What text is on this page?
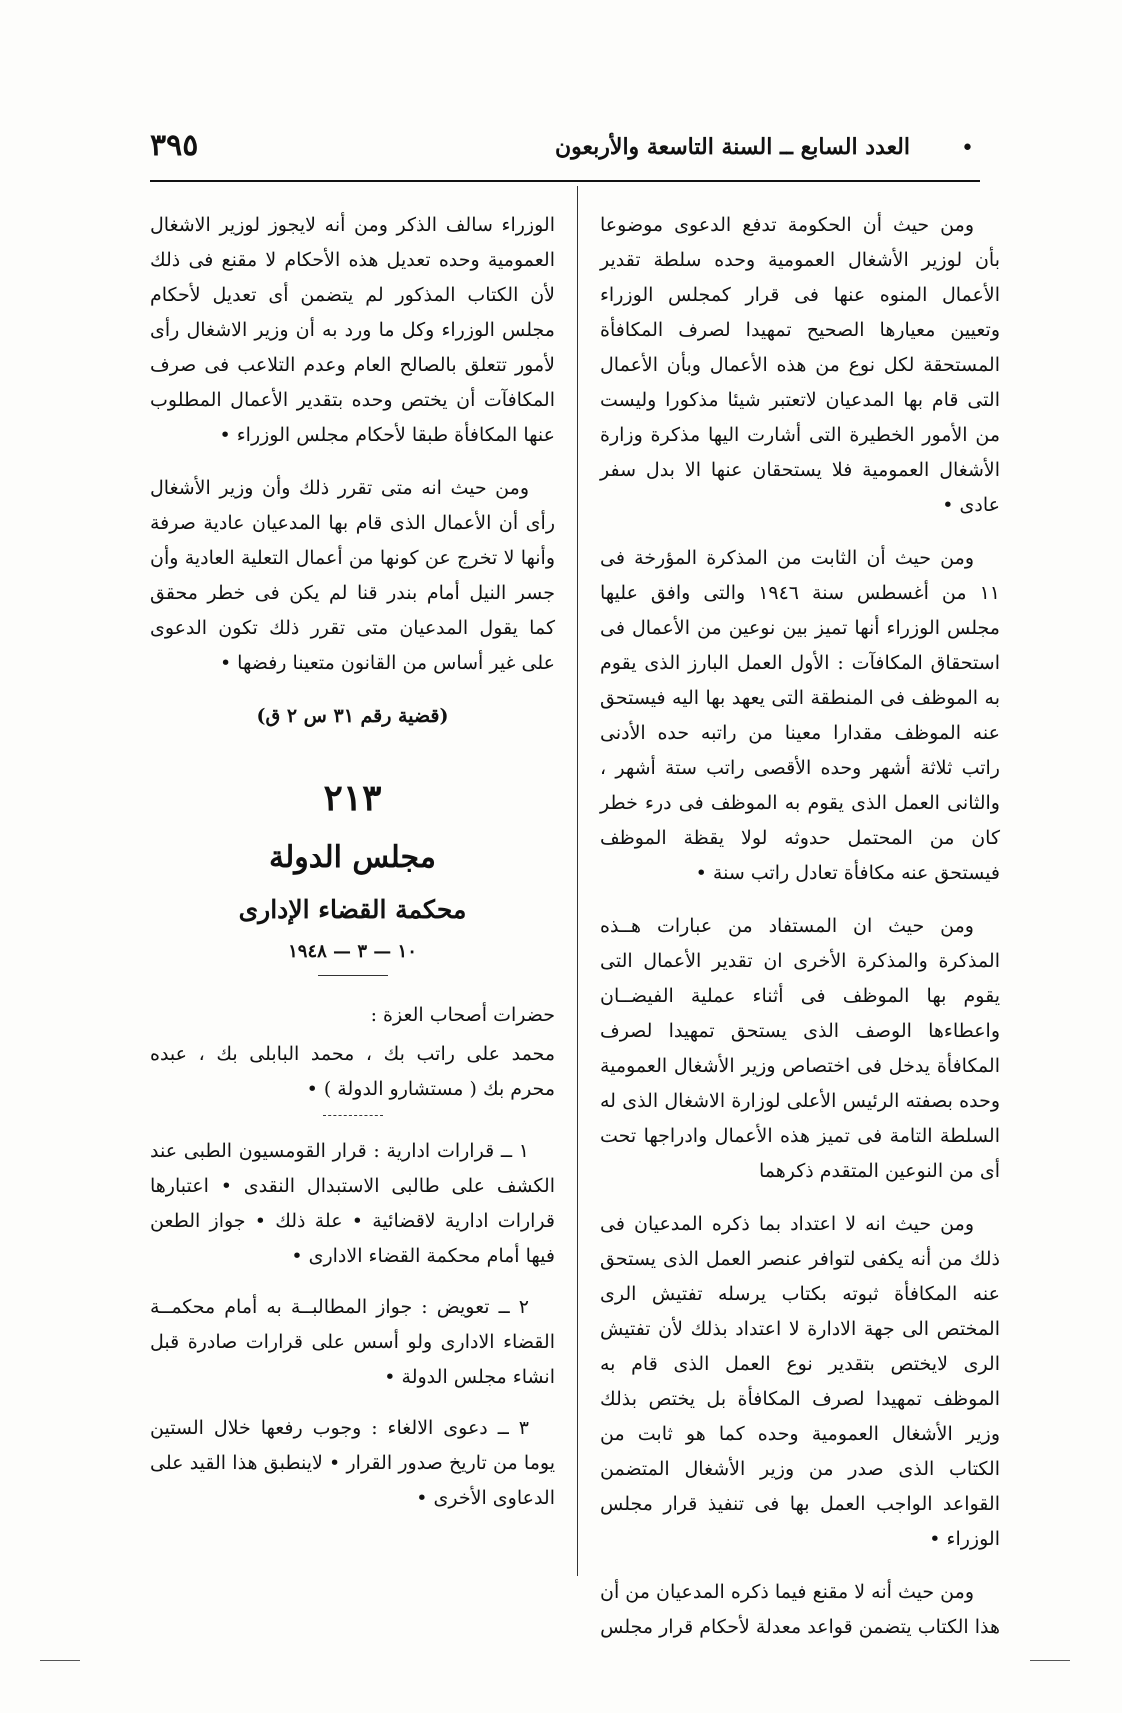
•
العدد السابع ــ السنة التاسعة والأربعون
٣٩٥

ومن حيث أن الحكومة تدفع الدعوى موضوعا بأن لوزير الأشغال العمومية وحده سلطة تقدير الأعمال المنوه عنها فى قرار كمجلس الوزراء وتعيين معيارها الصحيح تمهيدا لصرف المكافأة المستحقة لكل نوع من هذه الأعمال وبأن الأعمال التى قام بها المدعيان لاتعتبر شيئا مذكورا وليست من الأمور الخطيرة التى أشارت اليها مذكرة وزارة الأشغال العمومية فلا يستحقان عنها الا بدل سفر عادى •

ومن حيث أن الثابت من المذكرة المؤرخة فى ١١ من أغسطس سنة ١٩٤٦ والتى وافق عليها مجلس الوزراء أنها تميز بين نوعين من الأعمال فى استحقاق المكافآت : الأول العمل البارز الذى يقوم به الموظف فى المنطقة التى يعهد بها اليه فيستحق عنه الموظف مقدارا معينا من راتبه حده الأدنى راتب ثلاثة أشهر وحده الأقصى راتب ستة أشهر ، والثانى العمل الذى يقوم به الموظف فى درء خطر كان من المحتمل حدوثه لولا يقظة الموظف فيستحق عنه مكافأة تعادل راتب سنة •

ومن حيث ان المستفاد من عبارات هــذه المذكرة والمذكرة الأخرى ان تقدير الأعمال التى يقوم بها الموظف فى أثناء عملية الفيضــان واعطاءها الوصف الذى يستحق تمهيدا لصرف المكافأة يدخل فى اختصاص وزير الأشغال العمومية وحده بصفته الرئيس الأعلى لوزارة الاشغال الذى له السلطة التامة فى تميز هذه الأعمال وادراجها تحت أى من النوعين المتقدم ذكرهما

ومن حيث انه لا اعتداد بما ذكره المدعيان فى ذلك من أنه يكفى لتوافر عنصر العمل الذى يستحق عنه المكافأة ثبوته بكتاب يرسله تفتيش الرى المختص الى جهة الادارة لا اعتداد بذلك لأن تفتيش الرى لايختص بتقدير نوع العمل الذى قام به الموظف تمهيدا لصرف المكافأة بل يختص بذلك وزير الأشغال العمومية وحده كما هو ثابت من الكتاب الذى صدر من وزير الأشغال المتضمن القواعد الواجب العمل بها فى تنفيذ قرار مجلس الوزراء •

ومن حيث أنه لا مقنع فيما ذكره المدعيان من أن هذا الكتاب يتضمن قواعد معدلة لأحكام قرار مجلس

الوزراء سالف الذكر ومن أنه لايجوز لوزير الاشغال العمومية وحده تعديل هذه الأحكام لا مقنع فى ذلك لأن الكتاب المذكور لم يتضمن أى تعديل لأحكام مجلس الوزراء وكل ما ورد به أن وزير الاشغال رأى لأمور تتعلق بالصالح العام وعدم التلاعب فى صرف المكافآت أن يختص وحده بتقدير الأعمال المطلوب عنها المكافأة طبقا لأحكام مجلس الوزراء •

ومن حيث انه متى تقرر ذلك وأن وزير الأشغال رأى أن الأعمال الذى قام بها المدعيان عادية صرفة وأنها لا تخرج عن كونها من أعمال التعلية العادية وأن جسر النيل أمام بندر قنا لم يكن فى خطر محقق كما يقول المدعيان متى تقرر ذلك تكون الدعوى على غير أساس من القانون متعينا رفضها •

(قضية رقم ٣١ س ٢ ق)
٢١٣
مجلس الدولة
محكمة القضاء الإدارى
١٠ — ٣ — ١٩٤٨
حضرات أصحاب العزة :
محمد على راتب بك ، محمد البابلى بك ، عبده محرم بك ( مستشارو الدولة ) •

١ ــ قرارات ادارية : قرار القومسيون الطبى عند الكشف على طالبى الاستبدال النقدى • اعتبارها قرارات ادارية لاقضائية • علة ذلك • جواز الطعن فيها أمام محكمة القضاء الادارى •

٢ ــ تعويض : جواز المطالبــة به أمام محكمــة القضاء الادارى ولو أسس على قرارات صادرة قبل انشاء مجلس الدولة •

٣ ــ دعوى الالغاء : وجوب رفعها خلال الستين يوما من تاريخ صدور القرار • لاينطبق هذا القيد على الدعاوى الأخرى •
